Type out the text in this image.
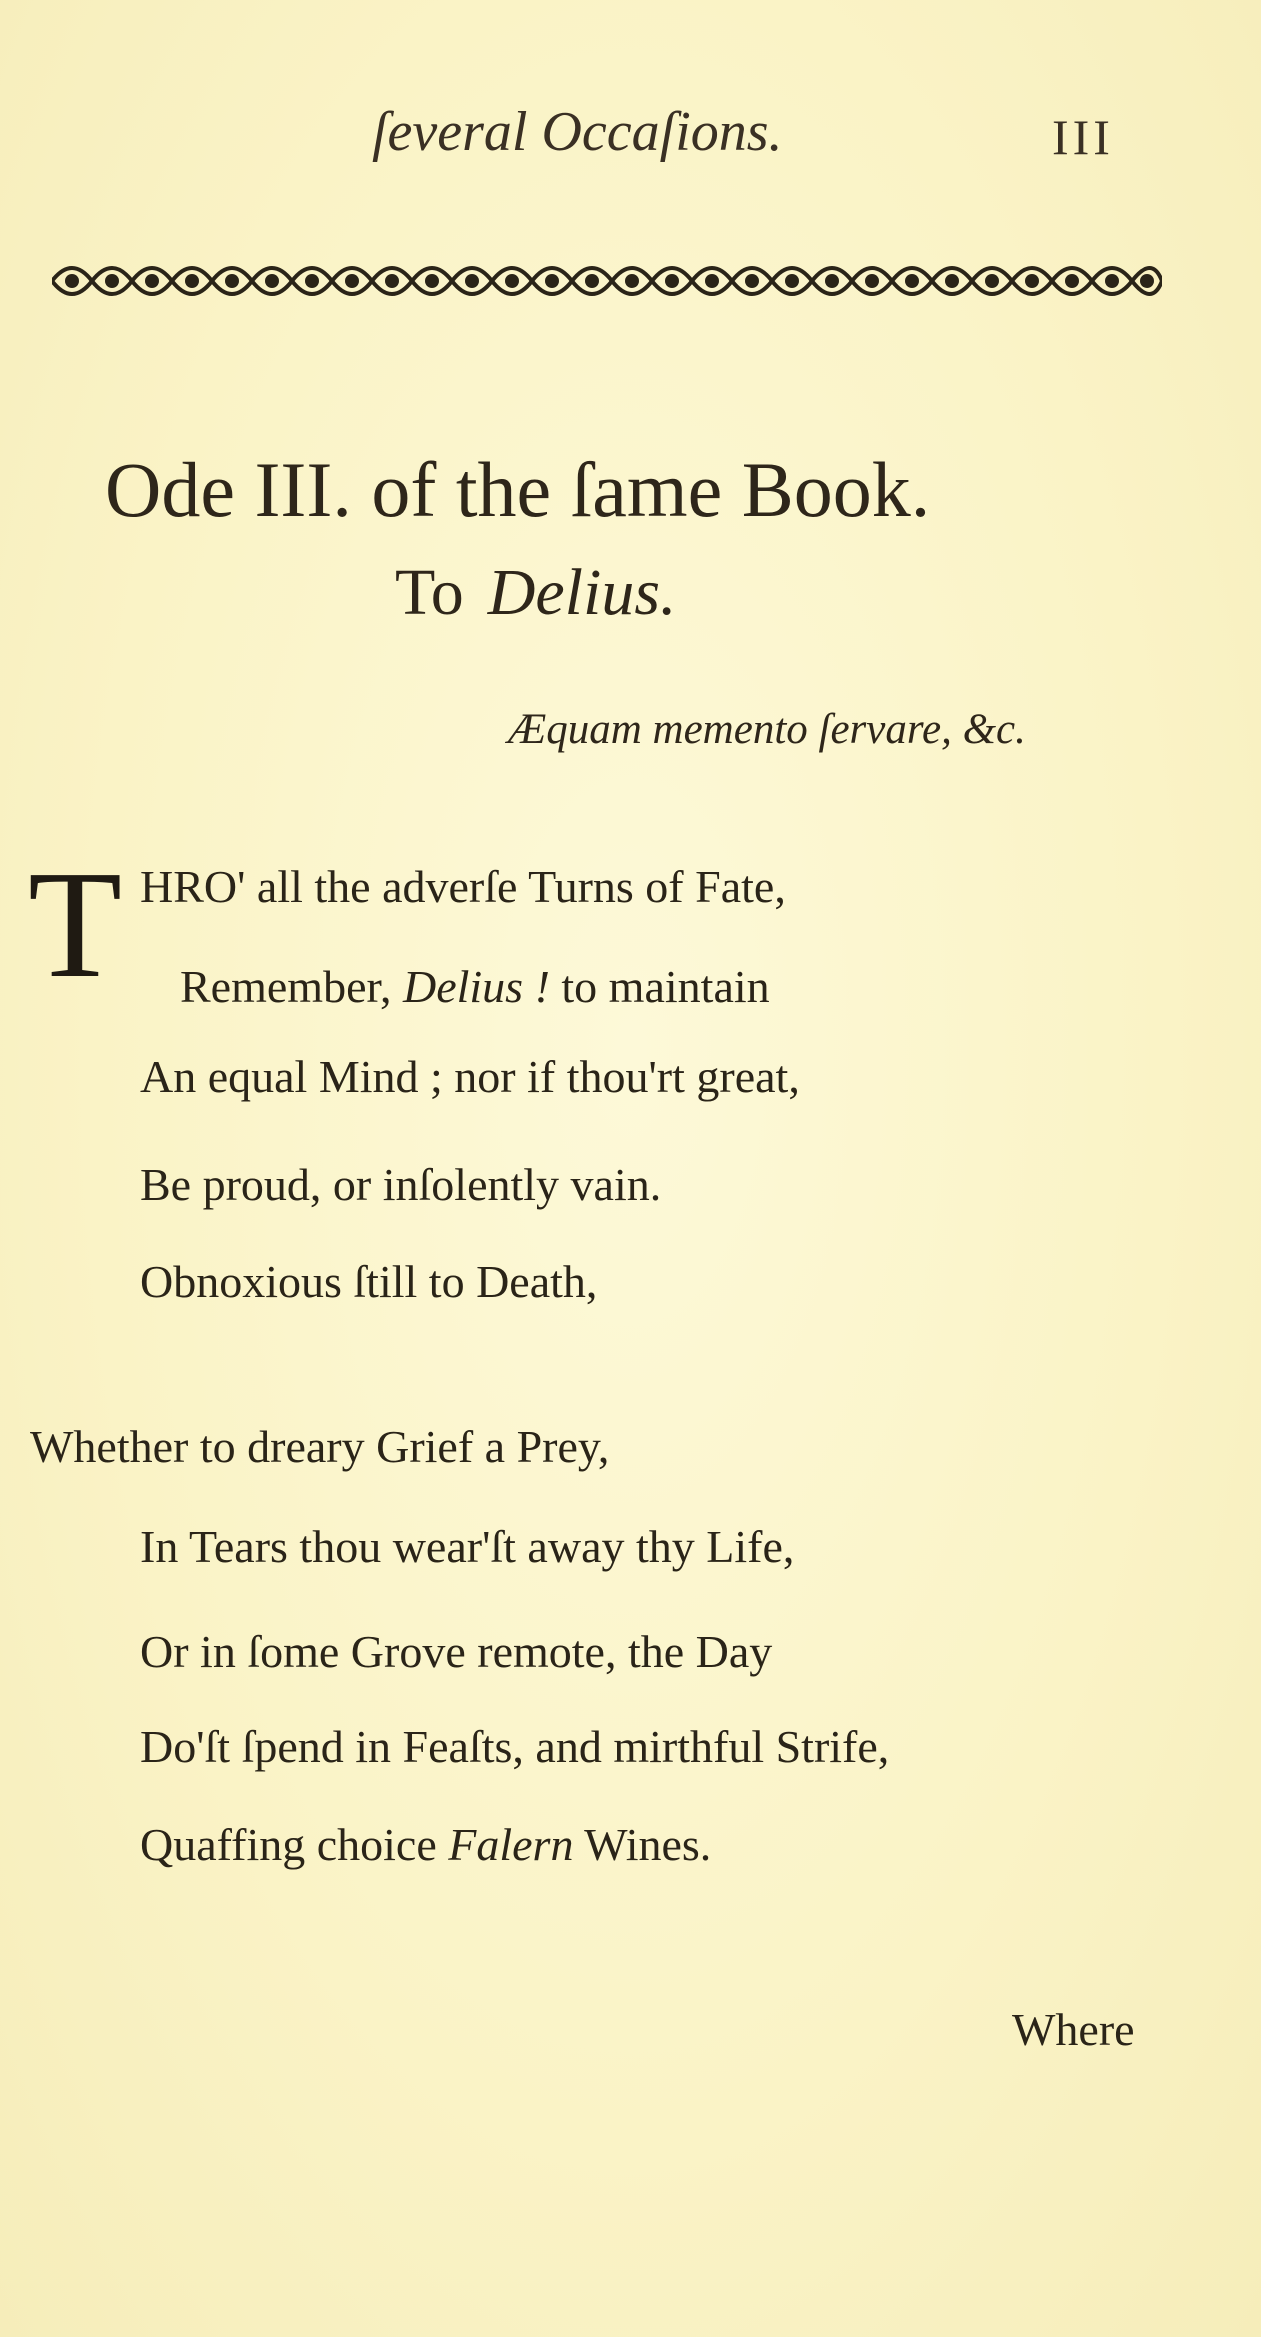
ſeveral Occaſions.	III
Ode III. of the ſame Book.
To Delius.
Æquam memento ſervare, &c.
T HRO' all the adverſe Turns of Fate,
Remember, Delius ! to maintain
An equal Mind ; nor if thou'rt great,
Be proud, or inſolently vain.
Obnoxious ſtill to Death,
Whether to dreary Grief a Prey,
In Tears thou wear'ſt away thy Life,
Or in ſome Grove remote, the Day
Do'ſt ſpend in Feaſts, and mirthful Strife,
Quaffing choice Falern Wines.
Where
